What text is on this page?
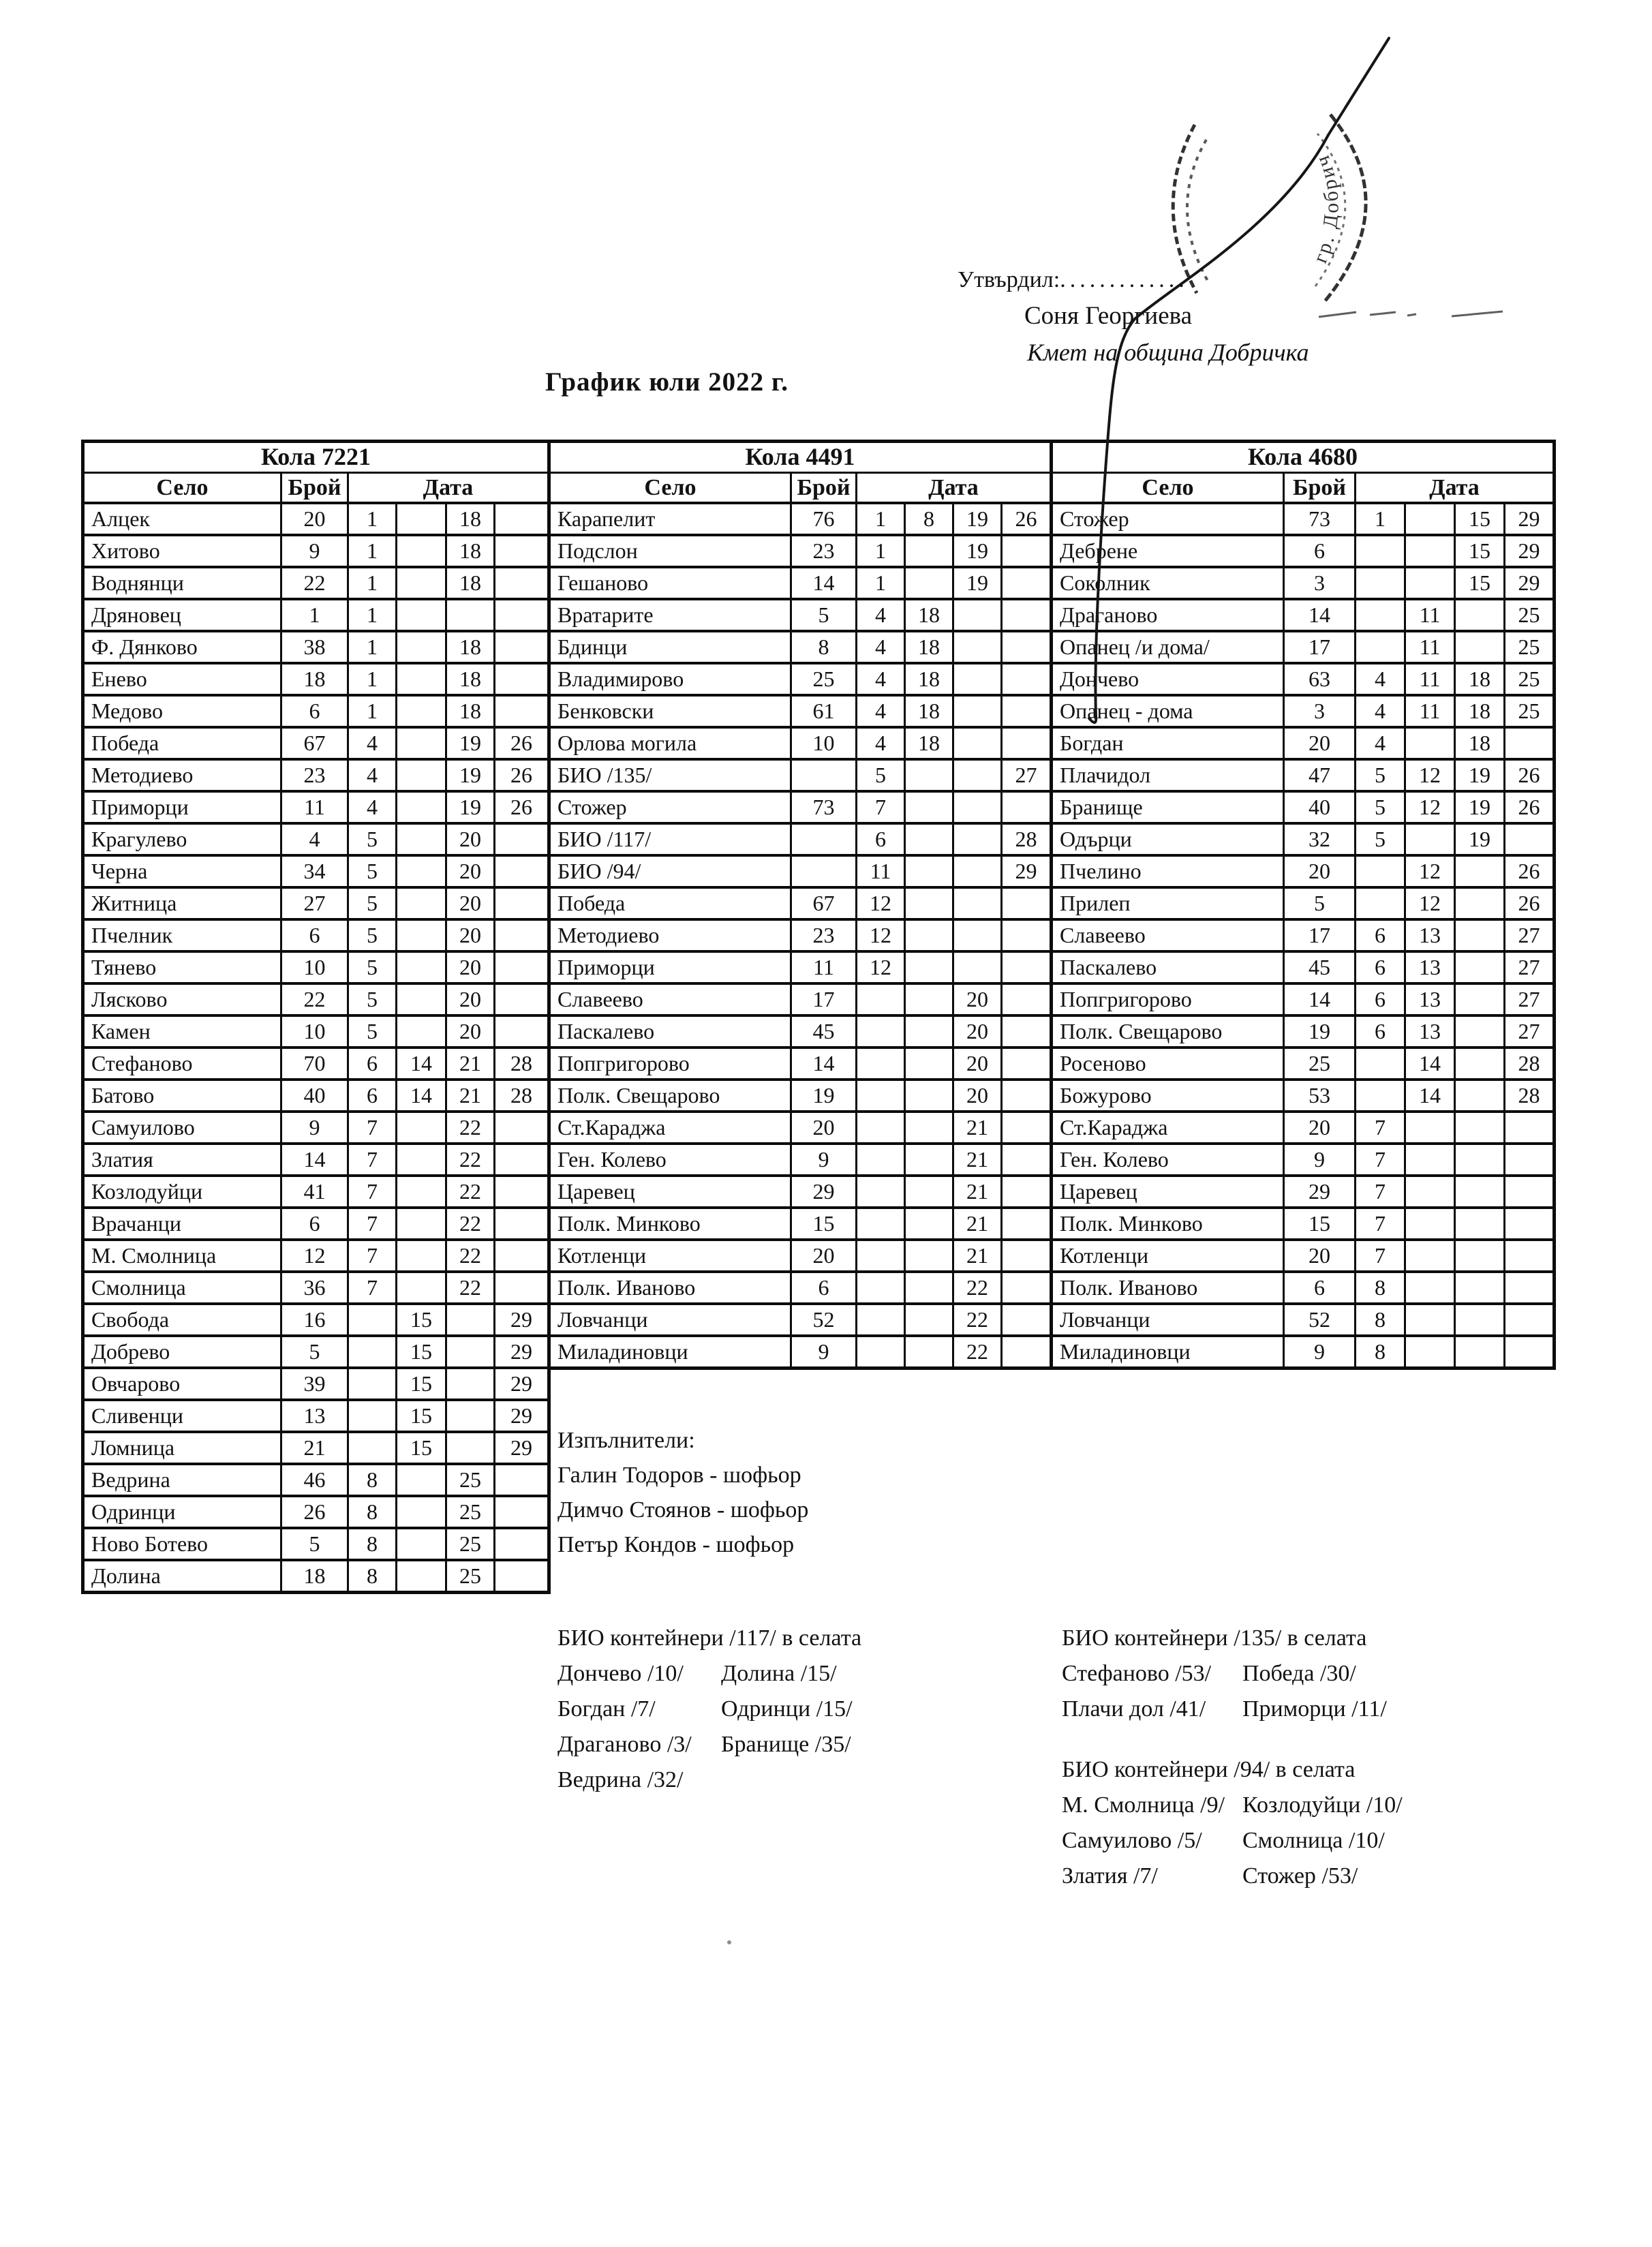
Утвърдил:.............
Соня Георгиева
Кмет на община Добричка
График юли 2022 г.
Кола 7221					
Село	Брой	Дата			
Алцек	20	1		18	
Хитово	9	1		18	
Воднянци	22	1		18	
Дряновец	1	1			
Ф. Дянково	38	1		18	
Енево	18	1		18	
Медово	6	1		18	
Победа	67	4		19	26
Методиево	23	4		19	26
Приморци	11	4		19	26
Крагулево	4	5		20	
Черна	34	5		20	
Житница	27	5		20	
Пчелник	6	5		20	
Тянево	10	5		20	
Лясково	22	5		20	
Камен	10	5		20	
Стефаново	70	6	14	21	28
Батово	40	6	14	21	28
Самуилово	9	7		22	
Златия	14	7		22	
Козлодуйци	41	7		22	
Врачанци	6	7		22	
М. Смолница	12	7		22	
Смолница	36	7		22	
Свобода	16		15		29
Добрево	5		15		29
Овчарово	39		15		29
Сливенци	13		15		29
Ломница	21		15		29
Ведрина	46	8		25	
Одринци	26	8		25	
Ново Ботево	5	8		25	
Долина	18	8		25	
Кола 4491					
Село	Брой	Дата			
Карапелит	76	1	8	19	26
Подслон	23	1		19	
Гешаново	14	1		19	
Вратарите	5	4	18		
Бдинци	8	4	18		
Владимирово	25	4	18		
Бенковски	61	4	18		
Орлова могила	10	4	18		
БИО /135/		5			27
Стожер	73	7			
БИО /117/		6			28
БИО /94/		11			29
Победа	67	12			
Методиево	23	12			
Приморци	11	12			
Славеево	17			20	
Паскалево	45			20	
Попгригорово	14			20	
Полк. Свещарово	19			20	
Ст.Караджа	20			21	
Ген. Колево	9			21	
Царевец	29			21	
Полк. Минково	15			21	
Котленци	20			21	
Полк. Иваново	6			22	
Ловчанци	52			22	
Миладиновци	9			22	
Кола 4680					
Село	Брой	Дата			
Стожер	73	1		15	29
Дебрене	6			15	29
Соколник	3			15	29
Драганово	14		11		25
Опанец /и дома/	17		11		25
Дончево	63	4	11	18	25
Опанец - дома	3	4	11	18	25
Богдан	20	4		18	
Плачидол	47	5	12	19	26
Бранище	40	5	12	19	26
Одърци	32	5		19	
Пчелино	20		12		26
Прилеп	5		12		26
Славеево	17	6	13		27
Паскалево	45	6	13		27
Попгригорово	14	6	13		27
Полк. Свещарово	19	6	13		27
Росеново	25		14		28
Божурово	53		14		28
Ст.Караджа	20	7			
Ген. Колево	9	7			
Царевец	29	7			
Полк. Минково	15	7			
Котленци	20	7			
Полк. Иваново	6	8			
Ловчанци	52	8			
Миладиновци	9	8			
Изпълнители:
Галин Тодоров - шофьор
Димчо Стоянов - шофьор
Петър Кондов - шофьор
БИО контейнери /117/ в селата
Дончево /10/	Долина /15/
Богдан /7/	Одринци /15/
Драганово /3/	Бранище /35/
Ведрина /32/
БИО контейнери /135/ в селата
Стефаново /53/	Победа /30/
Плачи дол /41/	Приморци /11/
БИО контейнери /94/ в селата
М. Смолница /9/ Козлодуйци /10/
Самуилово /5/	Смолница /10/
Златия /7/	Стожер /53/
гр. Добрич
